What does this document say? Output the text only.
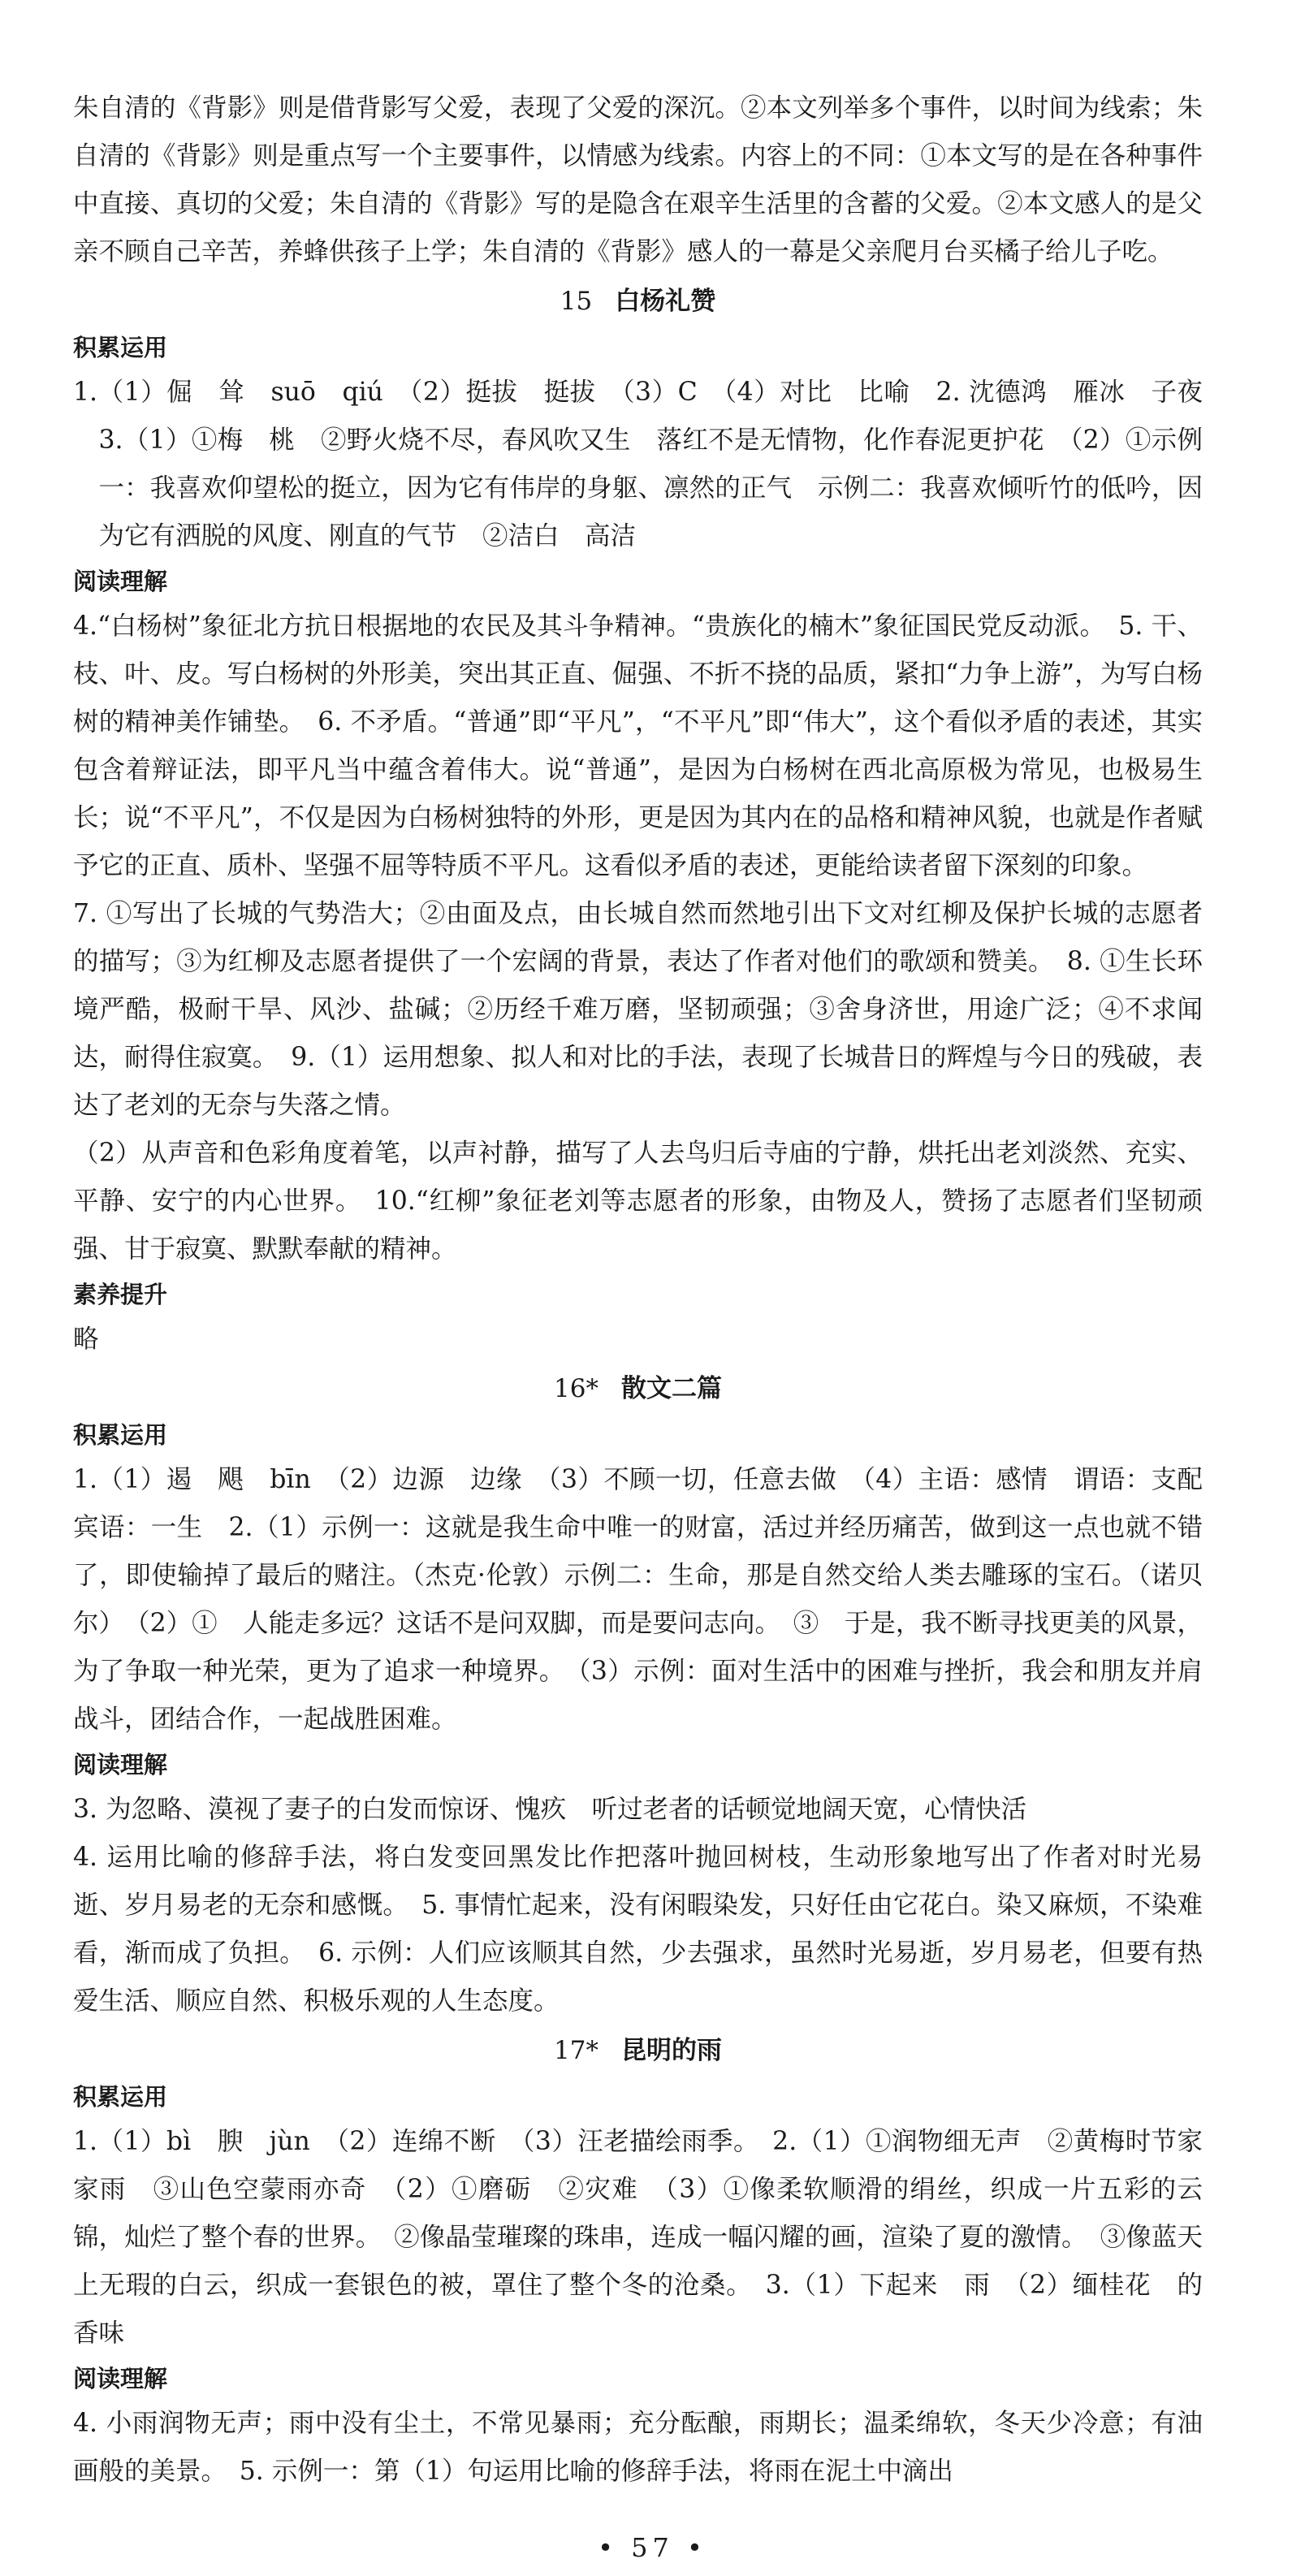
朱自清的《背影》则是借背影写父爱，表现了父爱的深沉。②本文列举多个事件，以时间为线索；朱自清的《背影》则是重点写一个主要事件，以情感为线索。内容上的不同：①本文写的是在各种事件中直接、真切的父爱；朱自清的《背影》写的是隐含在艰辛生活里的含蓄的父爱。②本文感人的是父亲不顾自己辛苦，养蜂供孩子上学；朱自清的《背影》感人的一幕是父亲爬月台买橘子给儿子吃。

15 白杨礼赞

积累运用

1.（1）倔　耸　suō　qiú　（2）挺拔　挺拔　（3）C　（4）对比　比喻　2. 沈德鸿　雁冰　子夜　3.（1）①梅　桃　②野火烧不尽，春风吹又生　落红不是无情物，化作春泥更护花　（2）①示例一：我喜欢仰望松的挺立，因为它有伟岸的身躯、凛然的正气　示例二：我喜欢倾听竹的低吟，因为它有洒脱的风度、刚直的气节　②洁白　高洁

阅读理解

4.“白杨树”象征北方抗日根据地的农民及其斗争精神。“贵族化的楠木”象征国民党反动派。　5. 干、枝、叶、皮。写白杨树的外形美，突出其正直、倔强、不折不挠的品质，紧扣“力争上游”，为写白杨树的精神美作铺垫。　6. 不矛盾。“普通”即“平凡”，“不平凡”即“伟大”，这个看似矛盾的表述，其实包含着辩证法，即平凡当中蕴含着伟大。说“普通”，是因为白杨树在西北高原极为常见，也极易生长；说“不平凡”，不仅是因为白杨树独特的外形，更是因为其内在的品格和精神风貌，也就是作者赋予它的正直、质朴、坚强不屈等特质不平凡。这看似矛盾的表述，更能给读者留下深刻的印象。

7. ①写出了长城的气势浩大；②由面及点，由长城自然而然地引出下文对红柳及保护长城的志愿者的描写；③为红柳及志愿者提供了一个宏阔的背景，表达了作者对他们的歌颂和赞美。　8. ①生长环境严酷，极耐干旱、风沙、盐碱；②历经千难万磨，坚韧顽强；③舍身济世，用途广泛；④不求闻达，耐得住寂寞。　9.（1）运用想象、拟人和对比的手法，表现了长城昔日的辉煌与今日的残破，表达了老刘的无奈与失落之情。

（2）从声音和色彩角度着笔，以声衬静，描写了人去鸟归后寺庙的宁静，烘托出老刘淡然、充实、平静、安宁的内心世界。　10.“红柳”象征老刘等志愿者的形象，由物及人，赞扬了志愿者们坚韧顽强、甘于寂寞、默默奉献的精神。

素养提升

略

16* 散文二篇

积累运用

1.（1）遏　飓　bīn　（2）边源　边缘　（3）不顾一切，任意去做　（4）主语：感情　谓语：支配　宾语：一生　2.（1）示例一：这就是我生命中唯一的财富，活过并经历痛苦，做到这一点也就不错了，即使输掉了最后的赌注。（杰克·伦敦）示例二：生命，那是自然交给人类去雕琢的宝石。（诺贝尔）　（2）①　人能走多远？这话不是问双脚，而是要问志向。　③　于是，我不断寻找更美的风景，为了争取一种光荣，更为了追求一种境界。　（3）示例：面对生活中的困难与挫折，我会和朋友并肩战斗，团结合作，一起战胜困难。

阅读理解

3. 为忽略、漠视了妻子的白发而惊讶、愧疚　听过老者的话顿觉地阔天宽，心情快活

4. 运用比喻的修辞手法，将白发变回黑发比作把落叶抛回树枝，生动形象地写出了作者对时光易逝、岁月易老的无奈和感慨。　5. 事情忙起来，没有闲暇染发，只好任由它花白。染又麻烦，不染难看，渐而成了负担。　6. 示例：人们应该顺其自然，少去强求，虽然时光易逝，岁月易老，但要有热爱生活、顺应自然、积极乐观的人生态度。

17* 昆明的雨

积累运用

1.（1）bì　腴　jùn　（2）连绵不断　（3）汪老描绘雨季。　2.（1）①润物细无声　②黄梅时节家家雨　③山色空蒙雨亦奇　（2）①磨砺　②灾难　（3）①像柔软顺滑的绢丝，织成一片五彩的云锦，灿烂了整个春的世界。　②像晶莹璀璨的珠串，连成一幅闪耀的画，渲染了夏的激情。　③像蓝天上无瑕的白云，织成一套银色的被，罩住了整个冬的沧桑。　3.（1）下起来　雨　（2）缅桂花　的香味

阅读理解

4. 小雨润物无声；雨中没有尘土，不常见暴雨；充分酝酿，雨期长；温柔绵软，冬天少冷意；有油画般的美景。　5. 示例一：第（1）句运用比喻的修辞手法，将雨在泥土中滴出

• 57 •
